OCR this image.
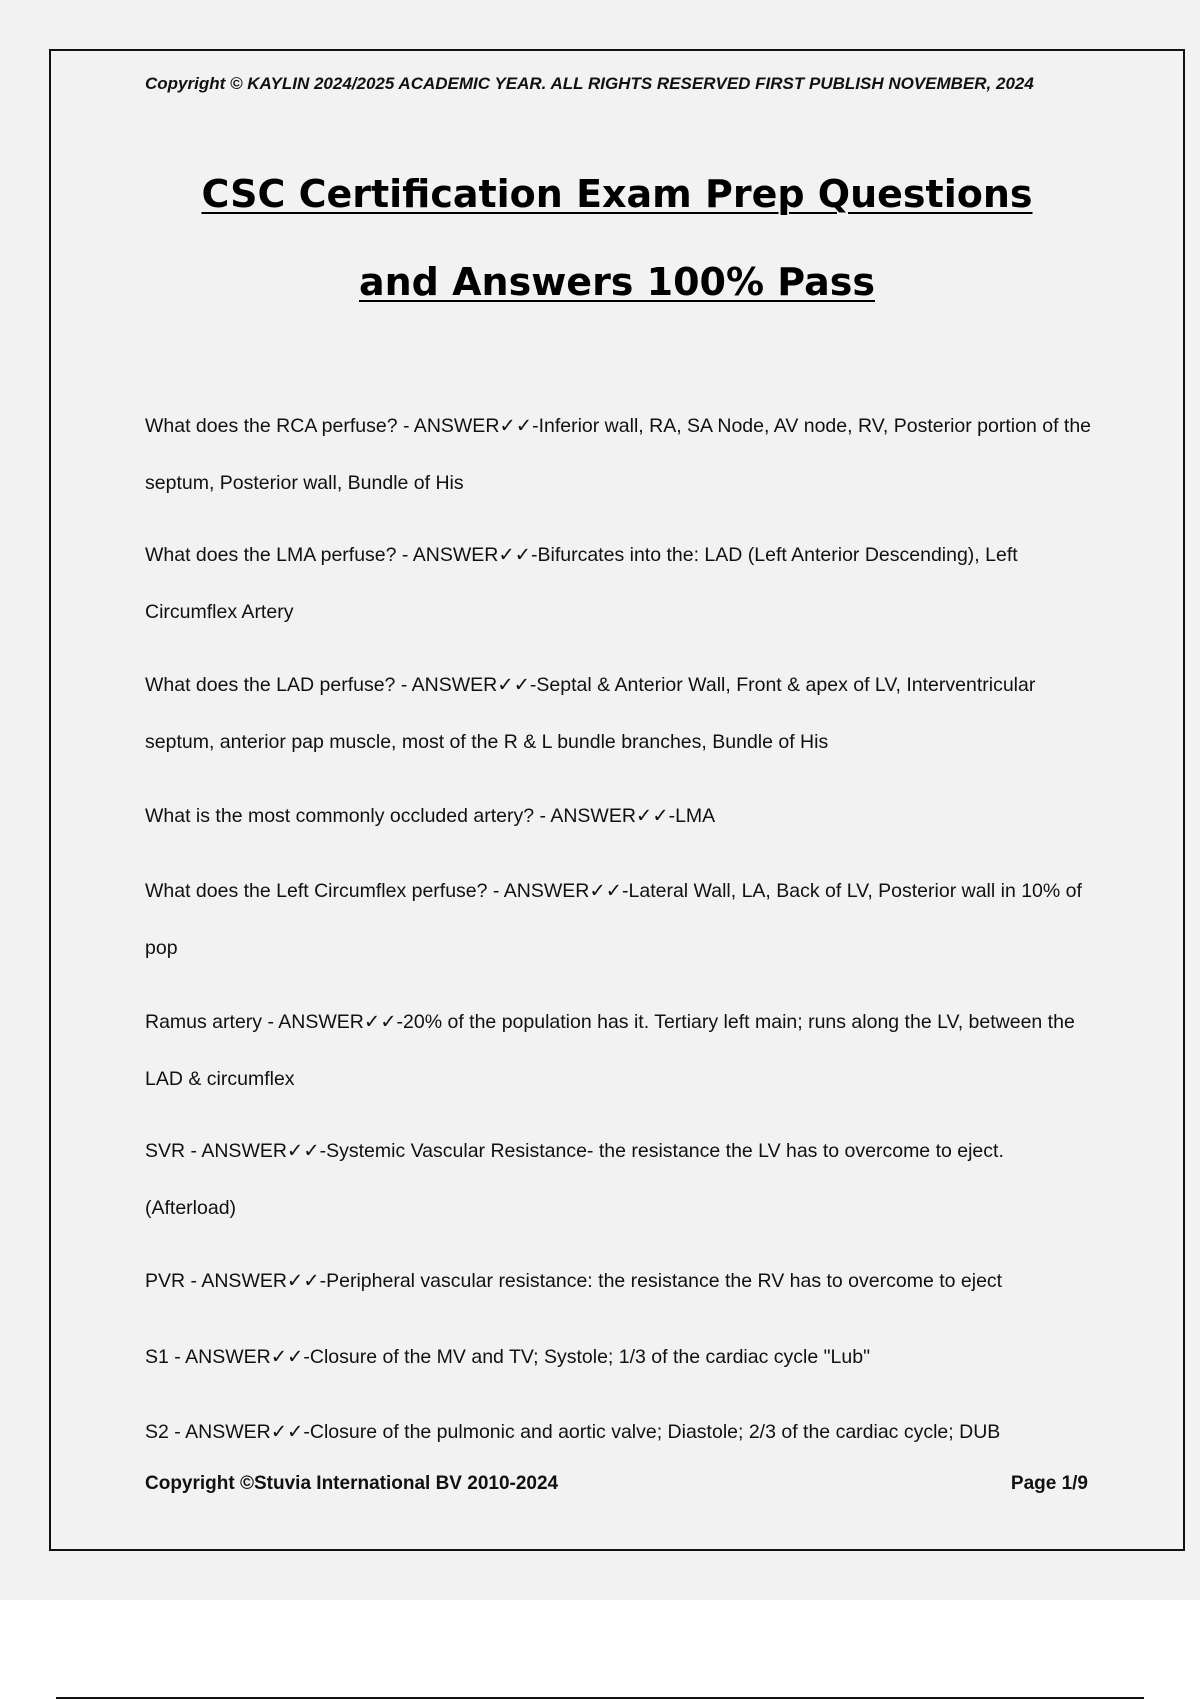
Copyright © KAYLIN 2024/2025 ACADEMIC YEAR. ALL RIGHTS RESERVED FIRST PUBLISH NOVEMBER, 2024
CSC Certification Exam Prep Questions
and Answers 100% Pass
What does the RCA perfuse? - ANSWER✓✓-Inferior wall, RA, SA Node, AV node, RV, Posterior portion of the septum, Posterior wall, Bundle of His
What does the LMA perfuse? - ANSWER✓✓-Bifurcates into the: LAD (Left Anterior Descending), Left Circumflex Artery
What does the LAD perfuse? - ANSWER✓✓-Septal & Anterior Wall, Front & apex of LV, Interventricular septum, anterior pap muscle, most of the R & L bundle branches, Bundle of His
What is the most commonly occluded artery? - ANSWER✓✓-LMA
What does the Left Circumflex perfuse? - ANSWER✓✓-Lateral Wall, LA, Back of LV, Posterior wall in 10% of pop
Ramus artery - ANSWER✓✓-20% of the population has it. Tertiary left main; runs along the LV, between the LAD & circumflex
SVR - ANSWER✓✓-Systemic Vascular Resistance- the resistance the LV has to overcome to eject. (Afterload)
PVR - ANSWER✓✓-Peripheral vascular resistance: the resistance the RV has to overcome to eject
S1 - ANSWER✓✓-Closure of the MV and TV; Systole; 1/3 of the cardiac cycle "Lub"
S2 - ANSWER✓✓-Closure of the pulmonic and aortic valve; Diastole; 2/3 of the cardiac cycle; DUB
Copyright ©Stuvia International BV 2010-2024	Page 1/9
